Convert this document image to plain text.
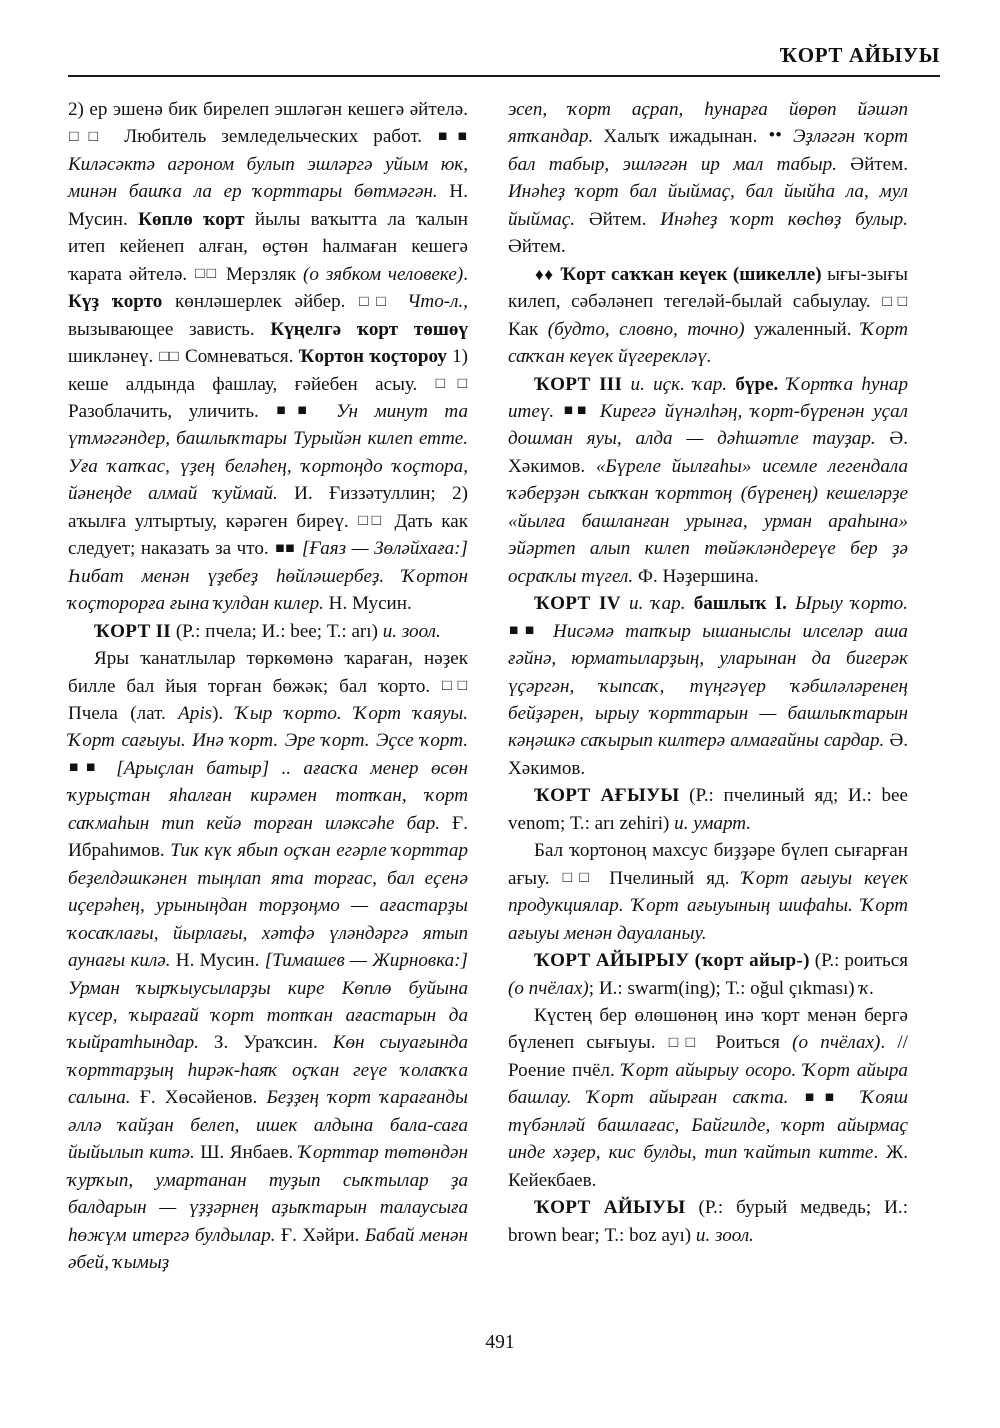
ҠОРТ АЙЫУЫ

2) ер эшенә бик бирелеп эшләгән кешегә әйтелә. □ □ Любитель земледельческих работ. ■ ■ Киләсәктә агроном булып эшләргә уйым юк, минән башҡа ла ер ҡорттары бөтмәгән. Н. Мусин. Көплө ҡорт йылы ваҡытта ла ҡалын итеп кейенеп алған, өҫтөн һалмаған кешегә ҡарата әйтелә. □ □ Мерзляк (о зябком человеке). Күҙ ҡорто көнләшерлек әйбер. □ □ Что-л., вызывающее зависть. Күңелгә ҡорт төшөү шикләнеү. □ □ Сомневаться. Ҡортон ҡоҫтороу 1) кеше алдында фашлау, ғәйебен асыу. □ □ Разоблачить, уличить. ■ ■ Ун минут та үтмәгәндер, башлыҡтары Турыйән килеп етте. Уға ҡапҡас, үҙең беләһең, ҡортоңдо ҡоҫтора, йәнеңде алмай ҡуймай. И. Ғиззәтуллин; 2) аҡылға ултыртыу, кәрәген биреү. □ □ Дать как следует; наказать за что. ■ ■ [Ғаяз — Зөләйхаға:] Һибат менән үҙебеҙ һөйләшербеҙ. Ҡортон ҡоҫторорға ғына ҡулдан килер. Н. Мусин.

ҠОРТ II (Р.: пчела; И.: bee; Т.: arı) и. зоол.

Яры ҡанатлылар төркөмөнә ҡараған, нәҙек билле бал йыя торған бөжәк; бал ҡорто. □ □ Пчела (лат. Apis). Ҡыр ҡорто. Ҡорт ҡаяуы. Ҡорт сағыуы. Инә ҡорт. Эре ҡорт. Эҫсе ҡорт. ■ ■ [Арыҫлан батыр] .. ағасҡа менер өсөн ҡурыҫтан яһалған кирәмен тотҡан, ҡорт саҡмаһын тип кейә торған иләксәһе бар. Ғ. Ибраһимов. Тик күк ябып оҫҡан егәрле ҡорттар беҙелдәшкәнен тыңлап ята торғас, бал еҫенә иҫерәһең, урыныңдан торҙоңмо — ағастарҙы ҡосаҡлағы, йырлағы, хәтфә үләндәргә ятып аунағы килә. Н. Мусин. [Тимашев — Жирновка:] Урман ҡырҡыусыларҙы кире Көплө буйына күсер, ҡырағай ҡорт тотҡан ағастарын да ҡыйратһындар. З. Ураҡсин. Көн сыуағында ҡорттарҙың һирәк-һаяҡ оҫҡан геүе ҡолаҡҡа салына. Ғ. Хөсәйенов. Беҙҙең ҡорт ҡарағанды әллә ҡайҙан белеп, ишек алдына бала-саға йыйылып китә. Ш. Янбаев. Ҡорттар төтөндән ҡурҡып, умартанан туҙып сыҡтылар ҙа балдарын — үҙҙәрнең аҙыҡтарын талаусыға һөжүм итергә булдылар. Ғ. Хәйри. Бабай менән әбей, ҡымыҙ

эсеп, ҡорт аҫрап, һунарға йөрөп йәшәп ятҡандар. Халыҡ ижадынан. • • Эҙләгән ҡорт бал табыр, эшләгән ир мал табыр. Әйтем. Инәһеҙ ҡорт бал йыймаҫ, бал йыйһа ла, мул йыймаҫ. Әйтем. Инәһеҙ ҡорт көсһөҙ булыр. Әйтем.

♦ ♦ Ҡорт саҡҡан кеүек (шикелле) ығы-зығы килеп, сәбәләнеп тегеләй-былай сабыулау. □ □ Как (будто, словно, точно) ужаленный. Ҡорт саҡҡан кеүек йүгерекләү.

ҠОРТ III и. иҫк. ҡар. бүре. Ҡортҡа һунар итеү. ■ ■ Кирегә йүнәлһәң, ҡорт-бүренән уҫал дошман яуы, алда — дәһшәтле тауҙар. Ә. Хәкимов. «Бүреле йылғаһы» исемле легендала ҡәберҙән сыҡҡан ҡорттоң (бүренең) кешеләрҙе «йылға башланған урынға, урман араһына» эйәртеп алып килеп төйәкләндереүе бер ҙә осраҡлы түгел. Ф. Нәҙершина.

ҠОРТ IV и. ҡар. башлыҡ I. Ырыу ҡорто. ■ ■ Нисәмә тапҡыр ышаныслы илселәр аша ғәйнә, юрматыларҙың, уларынан да бигерәк үҫәргән, ҡыпсаҡ, түңгәүер ҡәбиләләренең бейҙәрен, ырыу ҡорттарын — башлыҡтарын кәңәшкә саҡырып килтерә алмағайны сардар. Ә. Хәкимов.

ҠОРТ АҒЫУЫ (Р.: пчелиный яд; И.: bee venom; Т.: arı zehiri) и. умарт.

Бал ҡортоноң махсус биҙҙәре бүлеп сығарған ағыу. □ □ Пчелиный яд. Ҡорт ағыуы кеүек продукциялар. Ҡорт ағыуының шифаһы. Ҡорт ағыуы менән дауаланыу.

ҠОРТ АЙЫРЫУ (ҡорт айыр-) (Р.: роиться (о пчёлах); И.: swarm(ing); Т.: oğul çıkması) ҡ.

Күстең бер өлөшөнөң инә ҡорт менән бергә бүленеп сығыуы. □ □ Роиться (о пчёлах). // Роение пчёл. Ҡорт айырыу осоро. Ҡорт айыра башлау. Ҡорт айырған саҡта. ■ ■ Ҡояш түбәнләй башлағас, Байгилде, ҡорт айырмаҫ инде хәҙер, кис булды, тип ҡайтып китте. Ж. Кейекбаев.

ҠОРТ АЙЫУЫ (Р.: бурый медведь; И.: brown bear; Т.: boz ayı) и. зоол.

491
